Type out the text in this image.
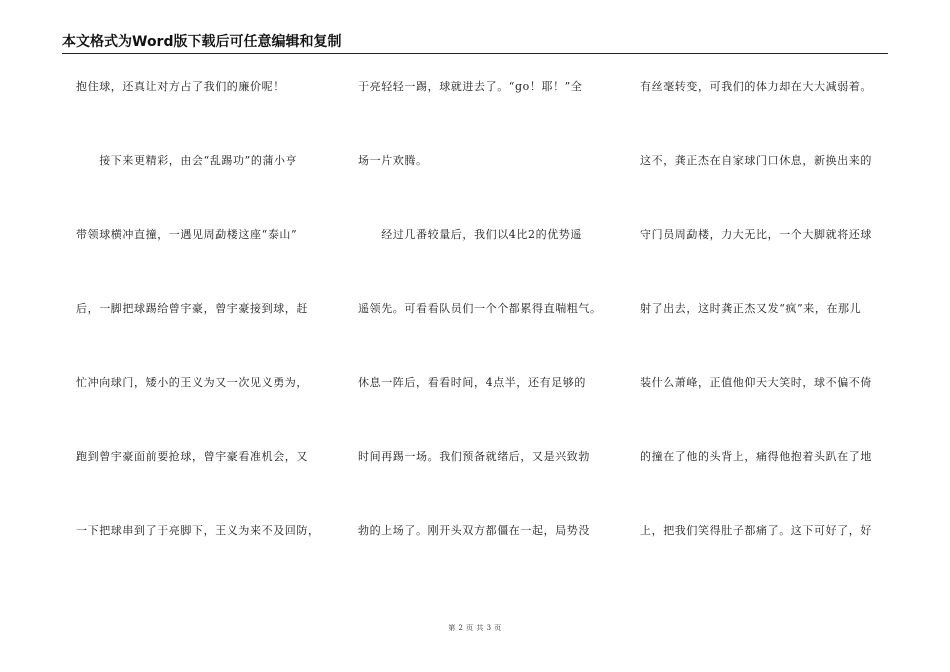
本文格式为Word版下载后可任意编辑和复制
抱住球，还真让对方占了我们的廉价呢！
　　接下来更精彩，由会“乱踢功”的蒲小亨
带领球横冲直撞，一遇见周勐楼这座“泰山”
后，一脚把球踢给曾宇豪，曾宇豪接到球，赶
忙冲向球门，矮小的王义为又一次见义勇为，
跑到曾宇豪面前要抢球，曾宇豪看准机会，又
一下把球串到了于亮脚下，王义为来不及回防，
于亮轻轻一踢，球就进去了。“go！耶！”全
场一片欢腾。
　　经过几番较量后，我们以4比2的优势遥
遥领先。可看看队员们一个个都累得直喘粗气。
休息一阵后，看看时间，4点半，还有足够的
时间再踢一场。我们预备就绪后，又是兴致勃
勃的上场了。刚开头双方都僵在一起，局势没
有丝毫转变，可我们的体力却在大大减弱着。
这不，龚正杰在自家球门口休息，新换出来的
守门员周勐楼，力大无比，一个大脚就将还球
射了出去，这时龚正杰又发“疯”来，在那儿
装什么萧峰，正值他仰天大笑时，球不偏不倚
的撞在了他的头背上，痛得他抱着头趴在了地
上，把我们笑得肚子都痛了。这下可好了，好
第 2 页 共 3 页
